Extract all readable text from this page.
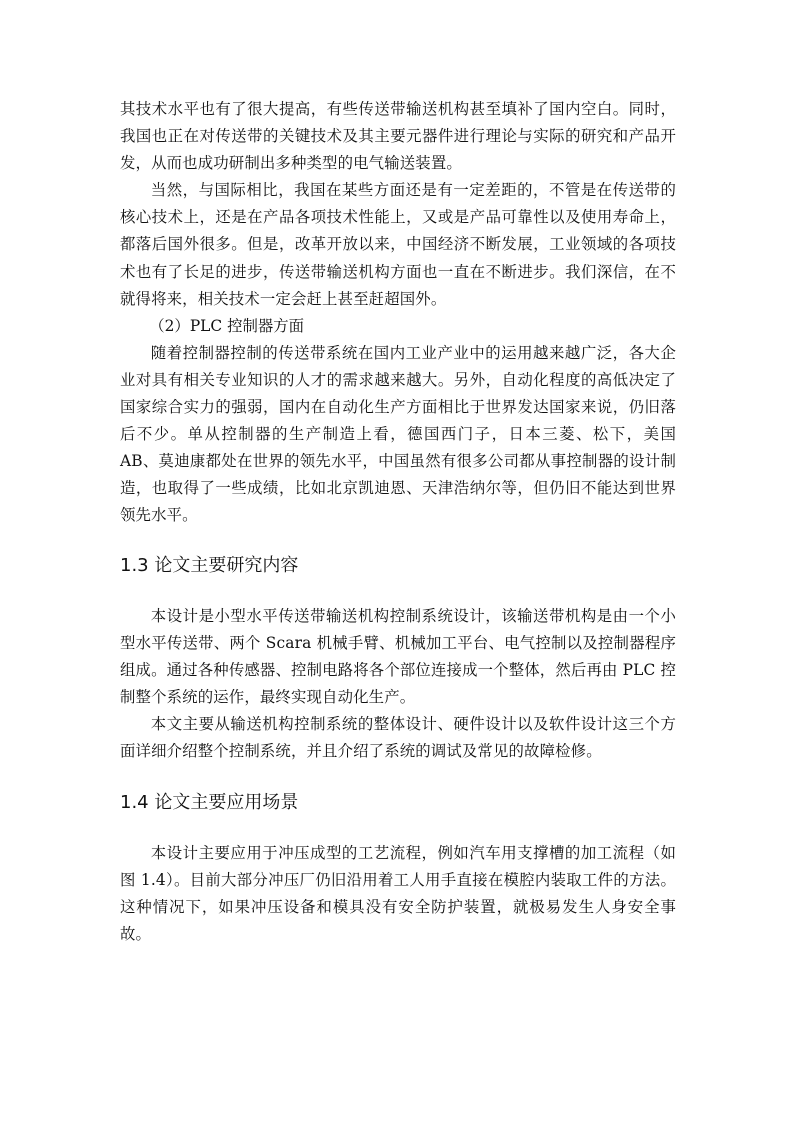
其技术水平也有了很大提高，有些传送带输送机构甚至填补了国内空白。同时，我国也正在对传送带的关键技术及其主要元器件进行理论与实际的研究和产品开发，从而也成功研制出多种类型的电气输送装置。

当然，与国际相比，我国在某些方面还是有一定差距的，不管是在传送带的核心技术上，还是在产品各项技术性能上，又或是产品可靠性以及使用寿命上，都落后国外很多。但是，改革开放以来，中国经济不断发展，工业领域的各项技术也有了长足的进步，传送带输送机构方面也一直在不断进步。我们深信，在不就得将来，相关技术一定会赶上甚至赶超国外。

（2）PLC 控制器方面

随着控制器控制的传送带系统在国内工业产业中的运用越来越广泛，各大企业对具有相关专业知识的人才的需求越来越大。另外，自动化程度的高低决定了国家综合实力的强弱，国内在自动化生产方面相比于世界发达国家来说，仍旧落后不少。单从控制器的生产制造上看，德国西门子，日本三菱、松下，美国 AB、莫迪康都处在世界的领先水平，中国虽然有很多公司都从事控制器的设计制造，也取得了一些成绩，比如北京凯迪恩、天津浩纳尔等，但仍旧不能达到世界领先水平。

1.3 论文主要研究内容

本设计是小型水平传送带输送机构控制系统设计，该输送带机构是由一个小型水平传送带、两个 Scara 机械手臂、机械加工平台、电气控制以及控制器程序组成。通过各种传感器、控制电路将各个部位连接成一个整体，然后再由 PLC 控制整个系统的运作，最终实现自动化生产。

本文主要从输送机构控制系统的整体设计、硬件设计以及软件设计这三个方面详细介绍整个控制系统，并且介绍了系统的调试及常见的故障检修。

1.4 论文主要应用场景

本设计主要应用于冲压成型的工艺流程，例如汽车用支撑槽的加工流程（如图 1.4）。目前大部分冲压厂仍旧沿用着工人用手直接在模腔内装取工件的方法。这种情况下，如果冲压设备和模具没有安全防护装置，就极易发生人身安全事故。
